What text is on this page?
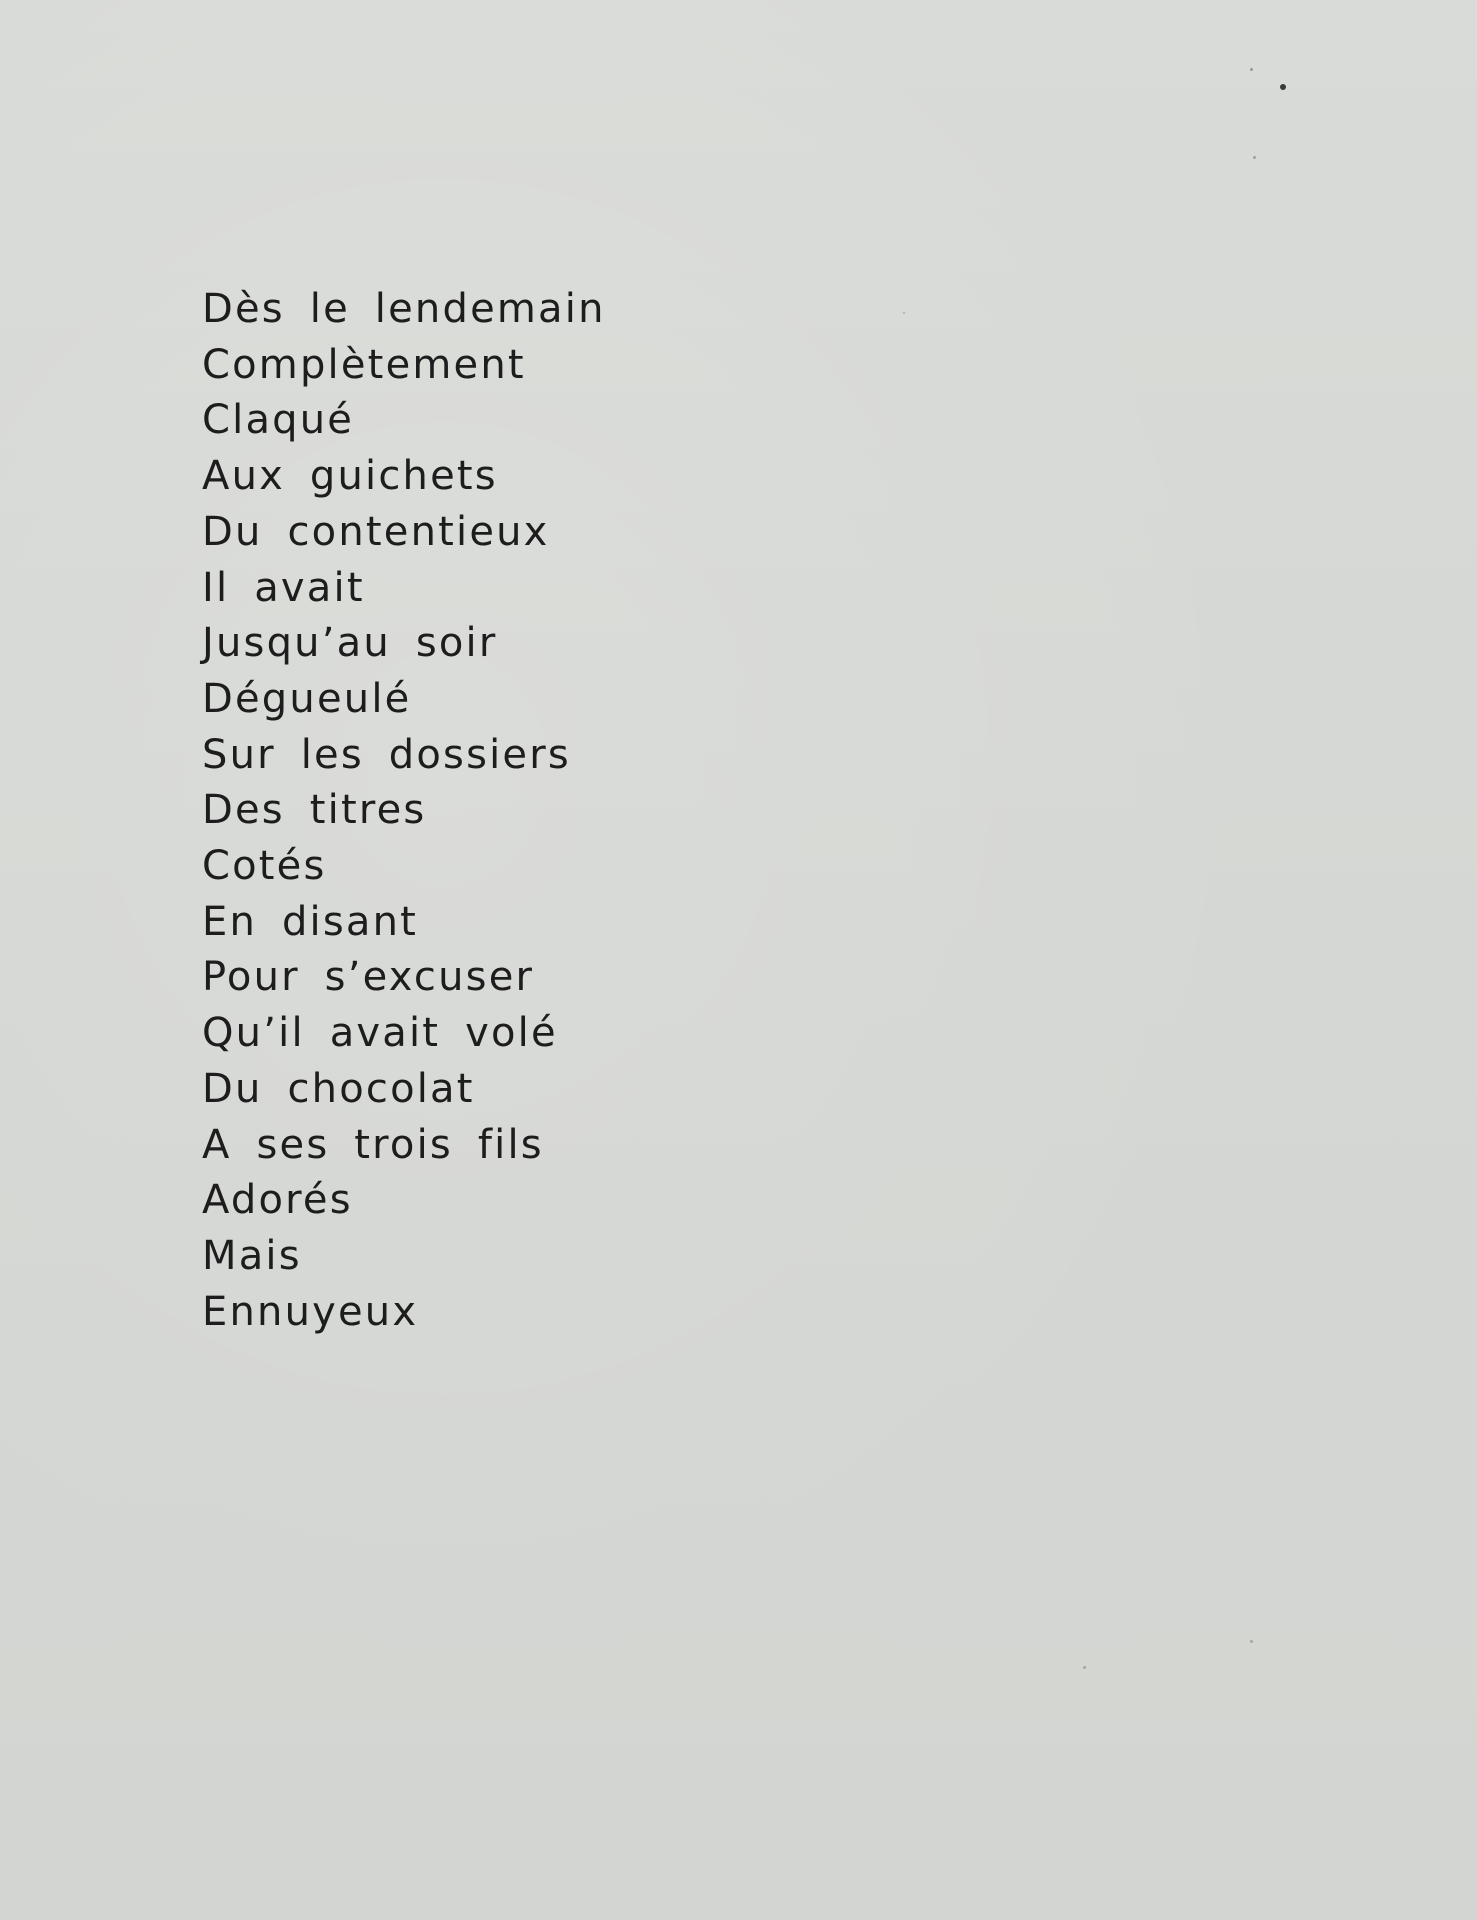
Dès le lendemain
Complètement
Claqué
Aux guichets
Du contentieux
Il avait
Jusqu’au soir
Dégueulé
Sur les dossiers
Des titres
Cotés
En disant
Pour s’excuser
Qu’il avait volé
Du chocolat
A ses trois fils
Adorés
Mais
Ennuyeux
